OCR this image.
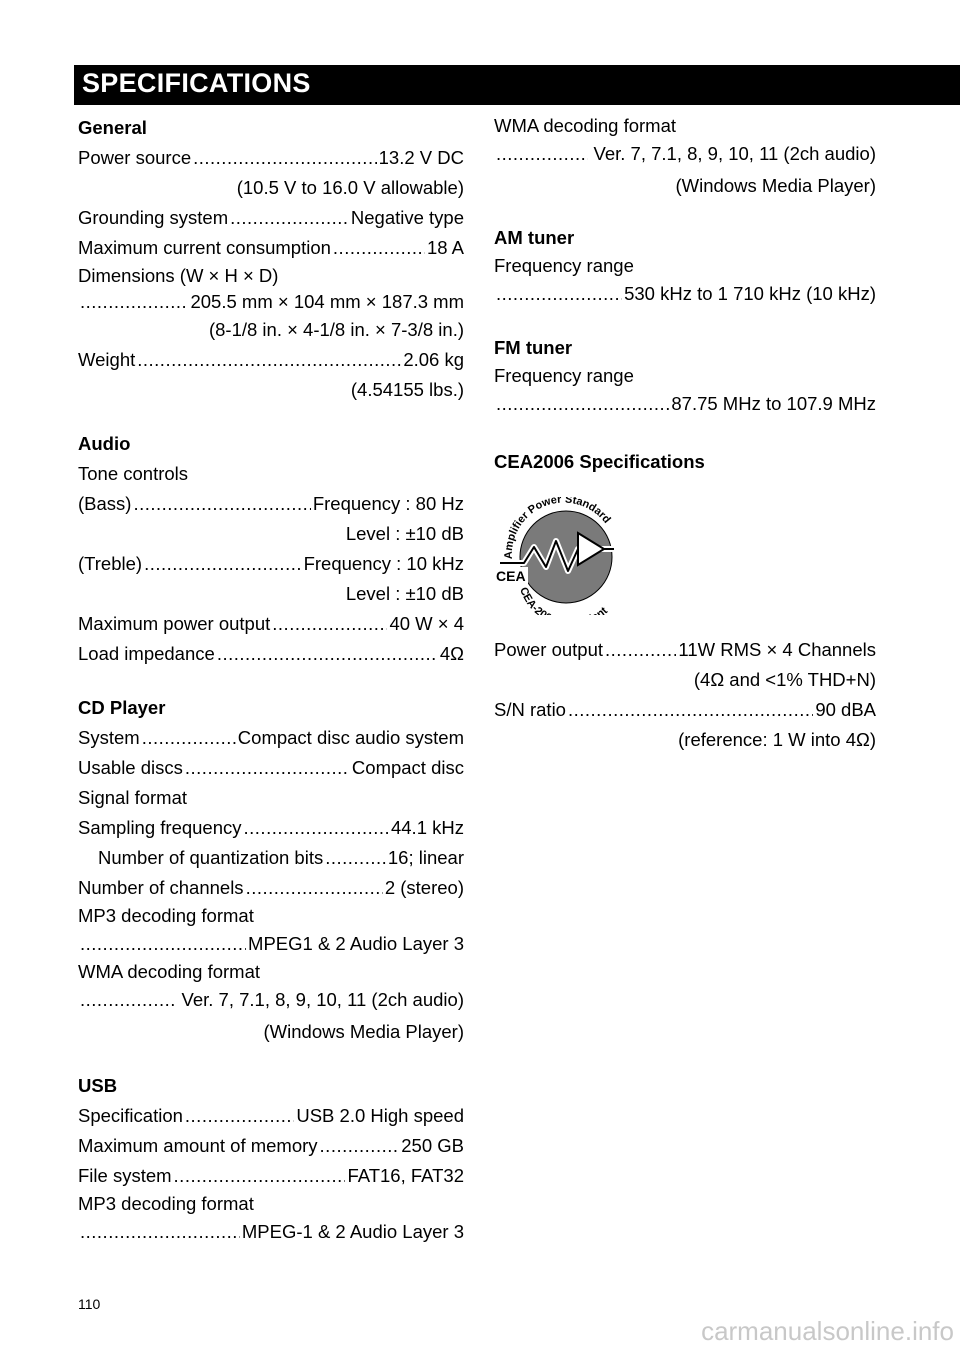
SPECIFICATIONS
General
Power source .....	13.2 V DC
(10.5 V to 16.0 V allowable)
Grounding system .....	Negative type
Maximum current consumption .....	18 A
Dimensions (W × H × D)
.....
205.5 mm × 104 mm × 187.3 mm
(8-1/8 in. × 4-1/8 in. × 7-3/8 in.)
Weight .....	2.06 kg
(4.54155 lbs.)
Audio
Tone controls
(Bass) .....	Frequency : 80 Hz
Level : ±10 dB
(Treble) .....	Frequency : 10 kHz
Level : ±10 dB
Maximum power output .....	40 W × 4
Load impedance .....	4Ω
CD Player
System .....	Compact disc audio system
Usable discs .....	Compact disc
Signal format
Sampling frequency .....	44.1 kHz
Number of quantization bits .....	16; linear
Number of channels .....	2 (stereo)
MP3 decoding format
.....
MPEG1 & 2 Audio Layer 3
WMA decoding format
.....
Ver. 7, 7.1, 8, 9, 10, 11 (2ch audio)
(Windows Media Player)
USB
Specification .....	USB 2.0 High speed
Maximum amount of memory .....	250 GB
File system .....	FAT16, FAT32
MP3 decoding format
.....
MPEG-1 & 2 Audio Layer 3
WMA decoding format
.....
Ver. 7, 7.1, 8, 9, 10, 11 (2ch audio)
(Windows Media Player)
AM tuner
Frequency range
.....
530 kHz to 1 710 kHz (10 kHz)
FM tuner
Frequency range
.....
87.75 MHz to 107.9 MHz
CEA2006 Specifications
Amplifier Power Standard
CEA-20 nt
CEA
Power output .....	11W RMS × 4 Channels
(4Ω and <1% THD+N)
S/N ratio .....	90 dBA
(reference: 1 W into 4Ω)
110
carmanualsonline.info
